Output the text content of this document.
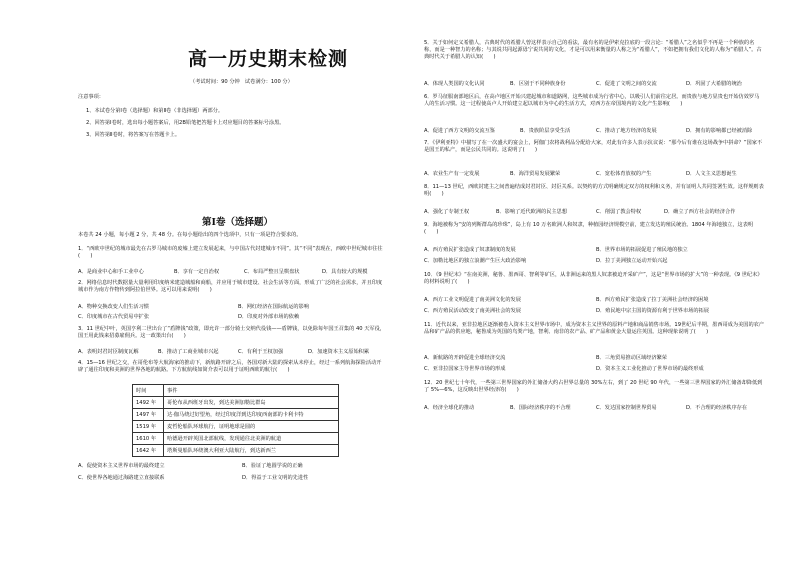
高一历史期末检测
（考试时间：90 分钟　试卷满分：100 分）
注意事项：
1、本试卷分第Ⅰ卷（选择题）和第Ⅱ卷（非选择题）两部分。
2、回答第Ⅰ卷时，选出每小题答案后，用2B铅笔把答题卡上对应题目的答案标号涂黑。
3、回答第Ⅱ卷时，将答案写在答题卡上。
第Ⅰ卷（选择题）
本卷共 24 小题，每小题 2 分，共 48 分。在每小题给出的四个选项中，只有一项是符合要求的。
1．“西欧中世纪的城市最先在古罗马城市的废墟上建立发展起来，与中国古代封建城市不同”。其“不同”表现在，西欧中世纪城市往往(　　)
A．是商业中心和手工业中心	B．享有一定自治权	C．布局严整且呈棋盘状	D．具有较大的规模
2．网络信息时代数据量大量利用印度纳米建造城船和商船，并应用于城市建设、社会生活等方面，形成了广泛的社会需求，并且印度城市作为南方作物传到阿拉伯世界。这可以用来说明(　　)
A．物种交换改变人们生活习惯	B．网红经济在国际航运的影响
C．印度城市在古代贸易中扩张	D．印度对外部市场的依赖
3．11 世纪中叶，英国亨利二世出台了“盾牌钱”政策，即允许一部分骑士交纳代役钱——盾牌钱，以免除每年国王召集的 40 天军役，国王用此钱来招募雇佣兵。这一政策出台(　　)
A．表明封君封臣制度瓦解	B．推动了工商业城市兴起	C．有利于王权加强	D．加速资本主义原始积累
4．15—16 世纪之交，在哥伦布等大航海家的推动下，新航路开辟之后，各国对新大陆的探索从未停止，经过一系列航海探险活动开辟了通往印度和美洲的世界各地的航路。下方航航线如简介表可以用于证明西欧的航行(　　)
时间	事件
1492 年	哥伦布从西班牙出发，到达美洲加勒比群岛
1497 年	达·伽马绕过好望角，经过印度洋到达印度西南部的卡利卡特
1519 年	麦哲伦船队环球航行，证明地球是圆的
1610 年	哈德逊开辟英国北部航线，发现通往北美洲的航道
1642 年	塔斯曼船队环绕澳大利亚大陆航行，到达新西兰
A．促使资本主义世界市场的最终建立	B．验证了地圆学说的正确
C．使世界各地通过海路建立直接联系	D．得益于工业文明的先进性
5．关于如何定义希腊人，古典时代的希腊人曾这样表示自己的看法，最有名的是伊索克拉底的一段言论：“希腊人”之名似乎不再是一个种族的名称，而是一种智力的名称；与其说共同起源毋宁说共同的文化，才是可以用来衡量的人称之为“希腊人”，不如把拥有我们文化的人称为“希腊人”。古典时代关于希腊人的认知(　　)
A．体现人类国的文化认同	B．区别于不同种族身份	C．促进了文明之间的交流	D．巩固了大希腊的统治
6．罗马征服南部地区后，在高卢地区开始兴建起城市和道路网，这些城市成为行省中心，以吸引人们前往定居。而贵族与地方显贵也开始仿效罗马人的生活习惯。这一过程使高卢人开始建立起以城市为中心的生活方式，对西方在帝国境内的文化产生影响(　　)
A．促进了西方文明的交流互鉴	B．贵族阶层享受生活	C．推动了地方经济的发展	D．拥有的影响都已经被消除
7．《伊利亚特》中描写了在一次盛大的宴会上，阿伽门农将战利品分配给大家，对此有许多人表示抗议说：“那今后有谁在这场战争中拼命？”国家不是国王的私产，而是公民共同的。这说明了(　　)
A．农业生产有一定发展	B．海洋贸易发展繁荣	C．宽松体育放权的产生	D．人文主义思想诞生
8．11—13 世纪，西欧封建主之间普遍结成封君封臣、封臣关系。以契约的方式明确规定双方的权利和义务，并有证明人共同签署生效。这样规则表明(　　)
A．强化了专制王权	B．影响了近代欧洲的民主思想	C．削弱了教会特权	D．确立了西方社会的经济合作
9．海地被称为“安的列斯群岛的珍珠”，岛上有 10 万名欧洲人和奴隶，种植园经济规模空前，建立发达的殖民统治。1804 年海地独立，这表明(　　)
A．西方殖民扩张造成了奴隶制度的发展	B．世界市场的拓展促进了殖民地的独立
C．加勒比地区的独立浪潮产生巨大政治影响	D．拉丁美洲独立运动开始兴起
10．《9 世纪末》“在南美洲，秘鲁、墨西哥、智利等矿区，从非洲运来的黑人奴隶被迫开采矿产”，这是“世界市场的扩大”的一种表现。《9 世纪末》的材料说明了(　　)
A．西方工业文明促进了南美洲文化的发展	B．西方殖民扩张造成了拉丁美洲社会经济的困境
C．西方殖民活动改变了南美洲社会的发展	D．殖民地中宗主国的资源有利于世界市场的拓展
11．近代以来，亚非拉地区逐渐被卷入资本主义世界市场中，成为资本主义世界的原料产地和商品销售市场。19世纪后半期，墨西哥成为美国的农产品和矿产品的供应地，秘鲁成为英国的鸟粪产地，智利、南非的农产品、矿产品和黄金大量运往英国。这种现象说明了(　　)
A．新航路的开辟促进全球经济交流	B．三角贸易推动区域经济繁荣
C．亚非拉国家主导世界市场的形成	D．资本主义工业化推动了世界市场的最终形成
12．20 世纪七十年代，一些第三世界国家的外汇储备大约占世界总量的 30%左右，到了 20 世纪 90 年代，一些第三世界国家的外汇储备却降低到了 5%—6%，这反映出世界经济的(　　)
A．经济全球化的推动	B．国际经济秩序的不合理	C．发达国家控制世界贸易	D．不合理的经济秩序存在
